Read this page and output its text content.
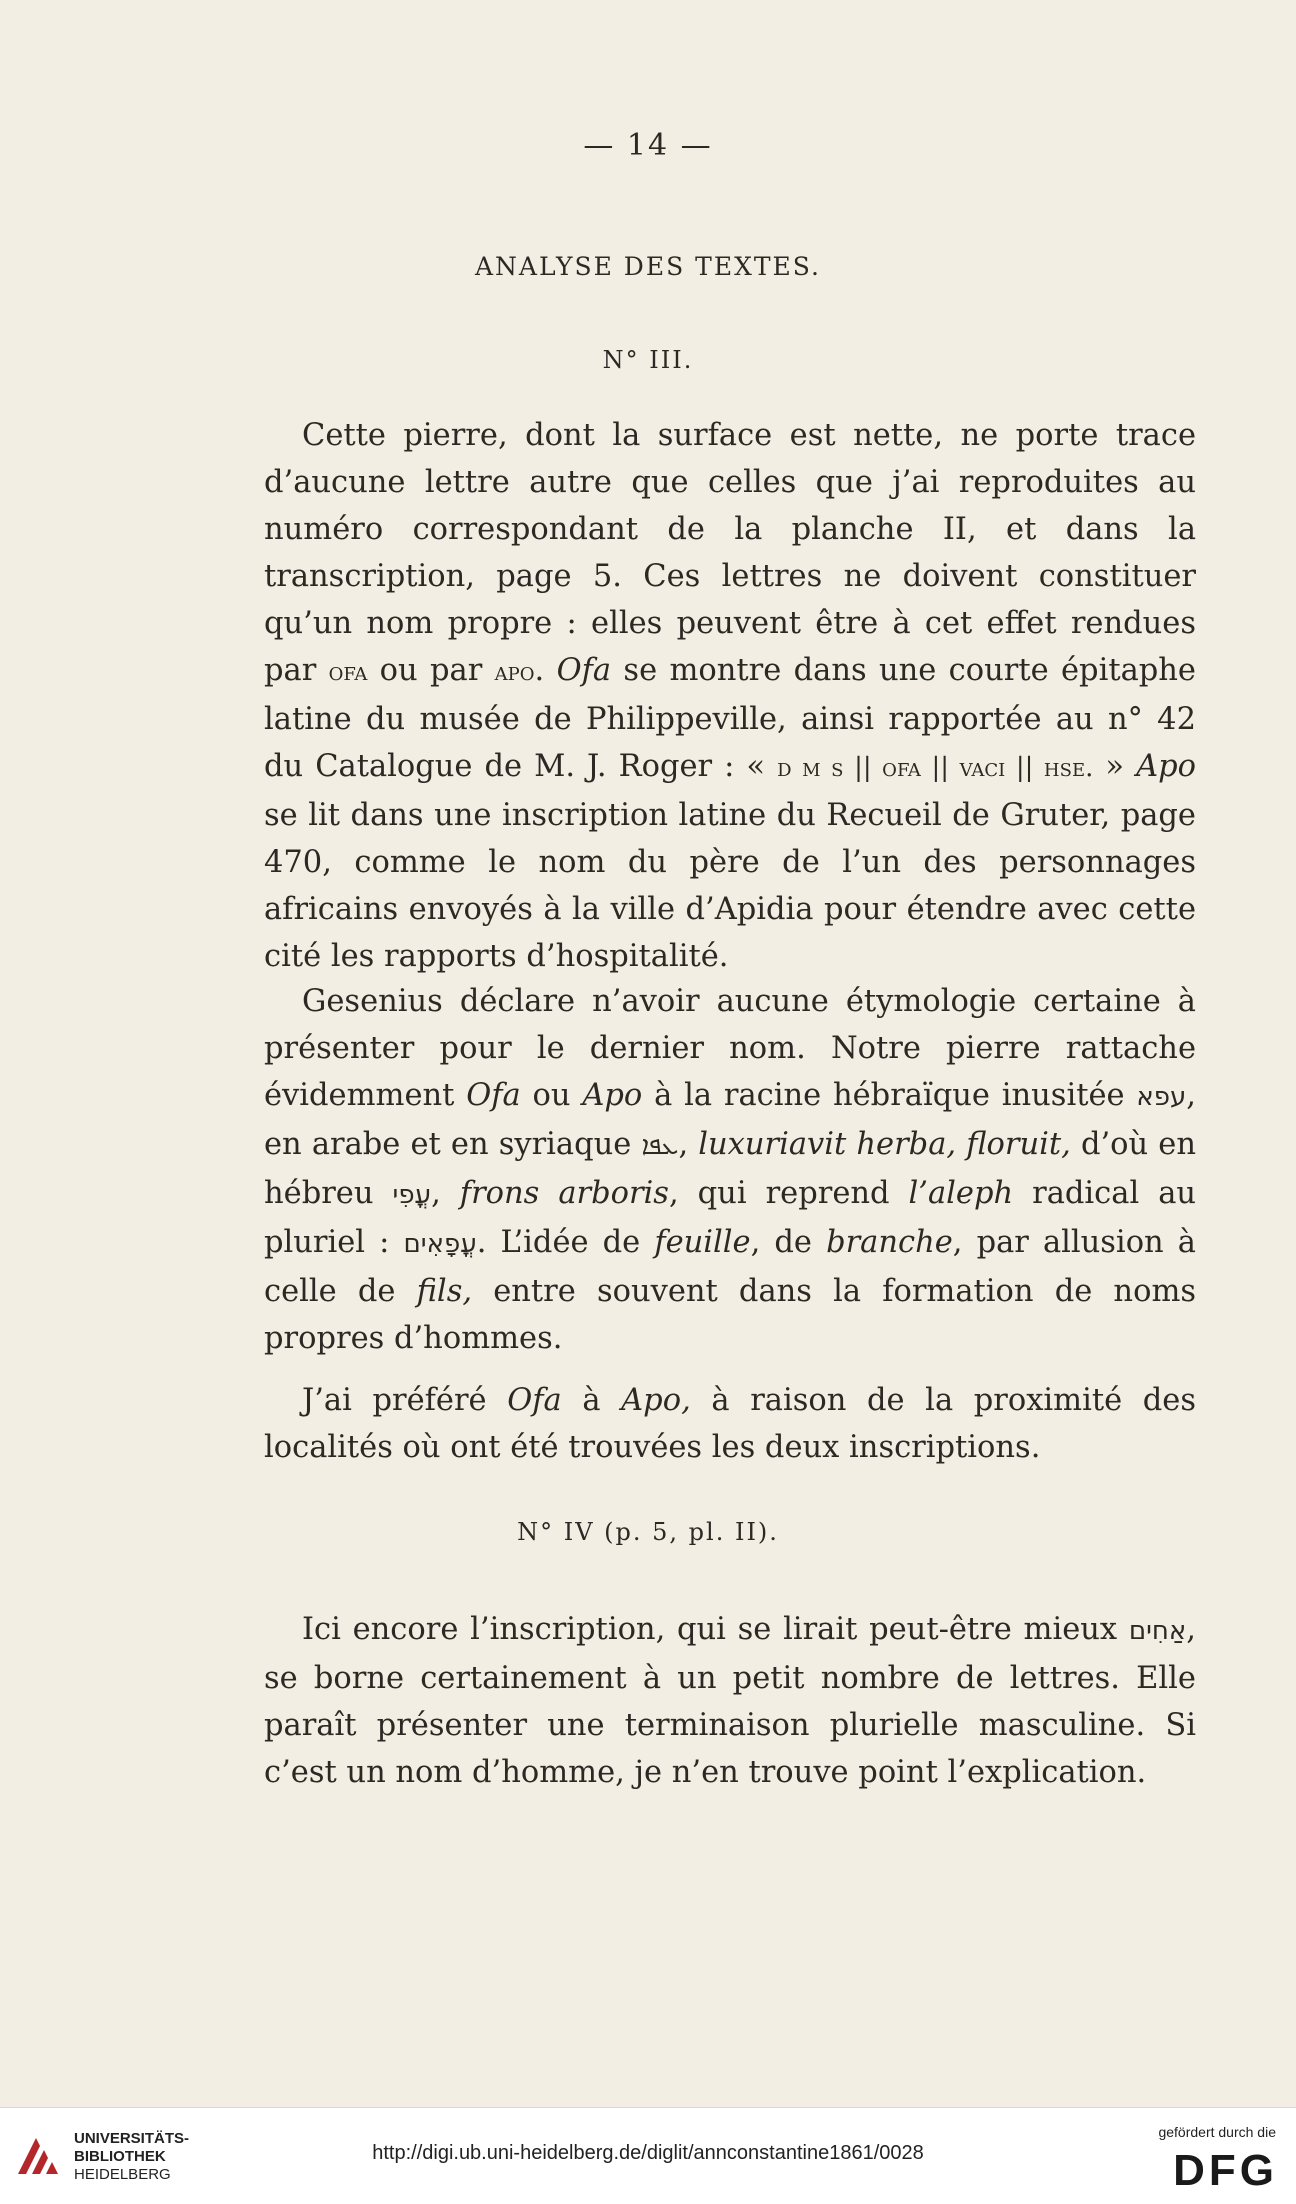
— 14 —
ANALYSE DES TEXTES.
N° III.

Cette pierre, dont la surface est nette, ne porte trace d’aucune lettre autre que celles que j’ai reproduites au numéro correspondant de la planche II, et dans la transcription, page 5. Ces lettres ne doivent constituer qu’un nom propre : elles peuvent être à cet effet rendues par ofa ou par apo. Ofa se montre dans une courte épitaphe latine du musée de Philippeville, ainsi rapportée au n° 42 du Catalogue de M. J. Roger : « d m s || ofa || vaci || hse. » Apo se lit dans une inscription latine du Recueil de Gruter, page 470, comme le nom du père de l’un des personnages africains envoyés à la ville d’Apidia pour étendre avec cette cité les rapports d’hospitalité.

Gesenius déclare n’avoir aucune étymologie certaine à présenter pour le dernier nom. Notre pierre rattache évidemment Ofa ou Apo à la racine hébraïque inusitée עפא, en arabe et en syriaque ܥܦܐ, luxuriavit herba, floruit, d’où en hébreu עֳפִי, frons arboris, qui reprend l’aleph radical au pluriel : עֳפָאִים. L’idée de feuille, de branche, par allusion à celle de fils, entre souvent dans la formation de noms propres d’hommes.

J’ai préféré Ofa à Apo, à raison de la proximité des localités où ont été trouvées les deux inscriptions.

N° IV (p. 5, pl. II).

Ici encore l’inscription, qui se lirait peut-être mieux אַחִים, se borne certainement à un petit nombre de lettres. Elle paraît présenter une terminaison plurielle masculine. Si c’est un nom d’homme, je n’en trouve point l’explication.

UNIVERSITÄTS-
BIBLIOTHEK
HEIDELBERG
http://digi.ub.uni-heidelberg.de/diglit/annconstantine1861/0028
gefördert durch die
DFG
